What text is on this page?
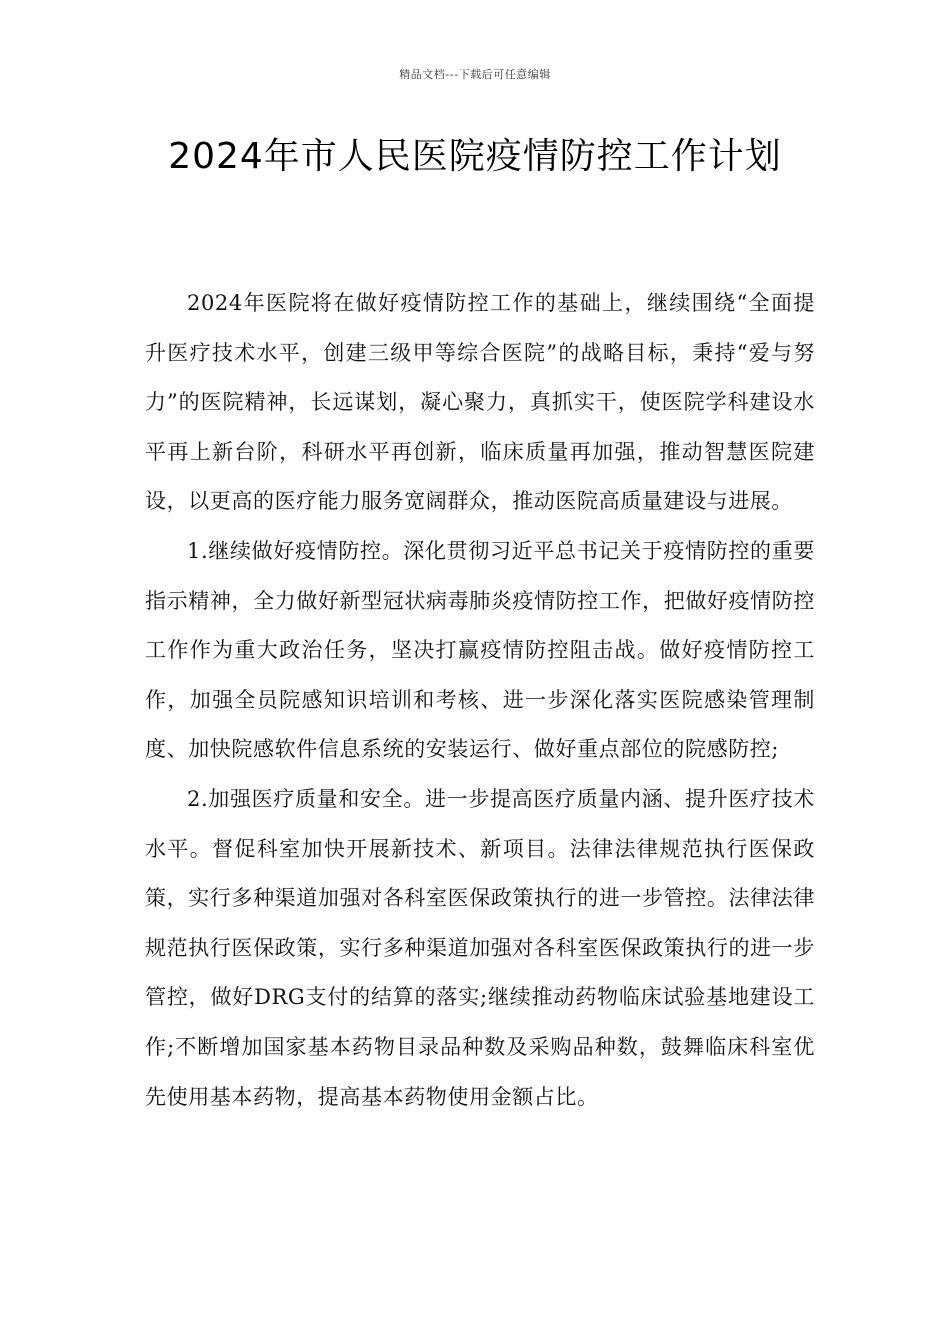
精品文档---下载后可任意编辑
2024年市人民医院疫情防控工作计划

2024年医院将在做好疫情防控工作的基础上，继续围绕“全面提升医疗技术水平，创建三级甲等综合医院”的战略目标，秉持“爱与努力”的医院精神，长远谋划，凝心聚力，真抓实干，使医院学科建设水平再上新台阶，科研水平再创新，临床质量再加强，推动智慧医院建设，以更高的医疗能力服务宽阔群众，推动医院高质量建设与进展。

1.继续做好疫情防控。深化贯彻习近平总书记关于疫情防控的重要指示精神，全力做好新型冠状病毒肺炎疫情防控工作，把做好疫情防控工作作为重大政治任务，坚决打赢疫情防控阻击战。做好疫情防控工作，加强全员院感知识培训和考核、进一步深化落实医院感染管理制度、加快院感软件信息系统的安装运行、做好重点部位的院感防控;

2.加强医疗质量和安全。进一步提高医疗质量内涵、提升医疗技术水平。督促科室加快开展新技术、新项目。法律法律规范执行医保政策，实行多种渠道加强对各科室医保政策执行的进一步管控。法律法律规范执行医保政策，实行多种渠道加强对各科室医保政策执行的进一步管控，做好DRG支付的结算的落实;继续推动药物临床试验基地建设工作;不断增加国家基本药物目录品种数及采购品种数，鼓舞临床科室优先使用基本药物，提高基本药物使用金额占比。
